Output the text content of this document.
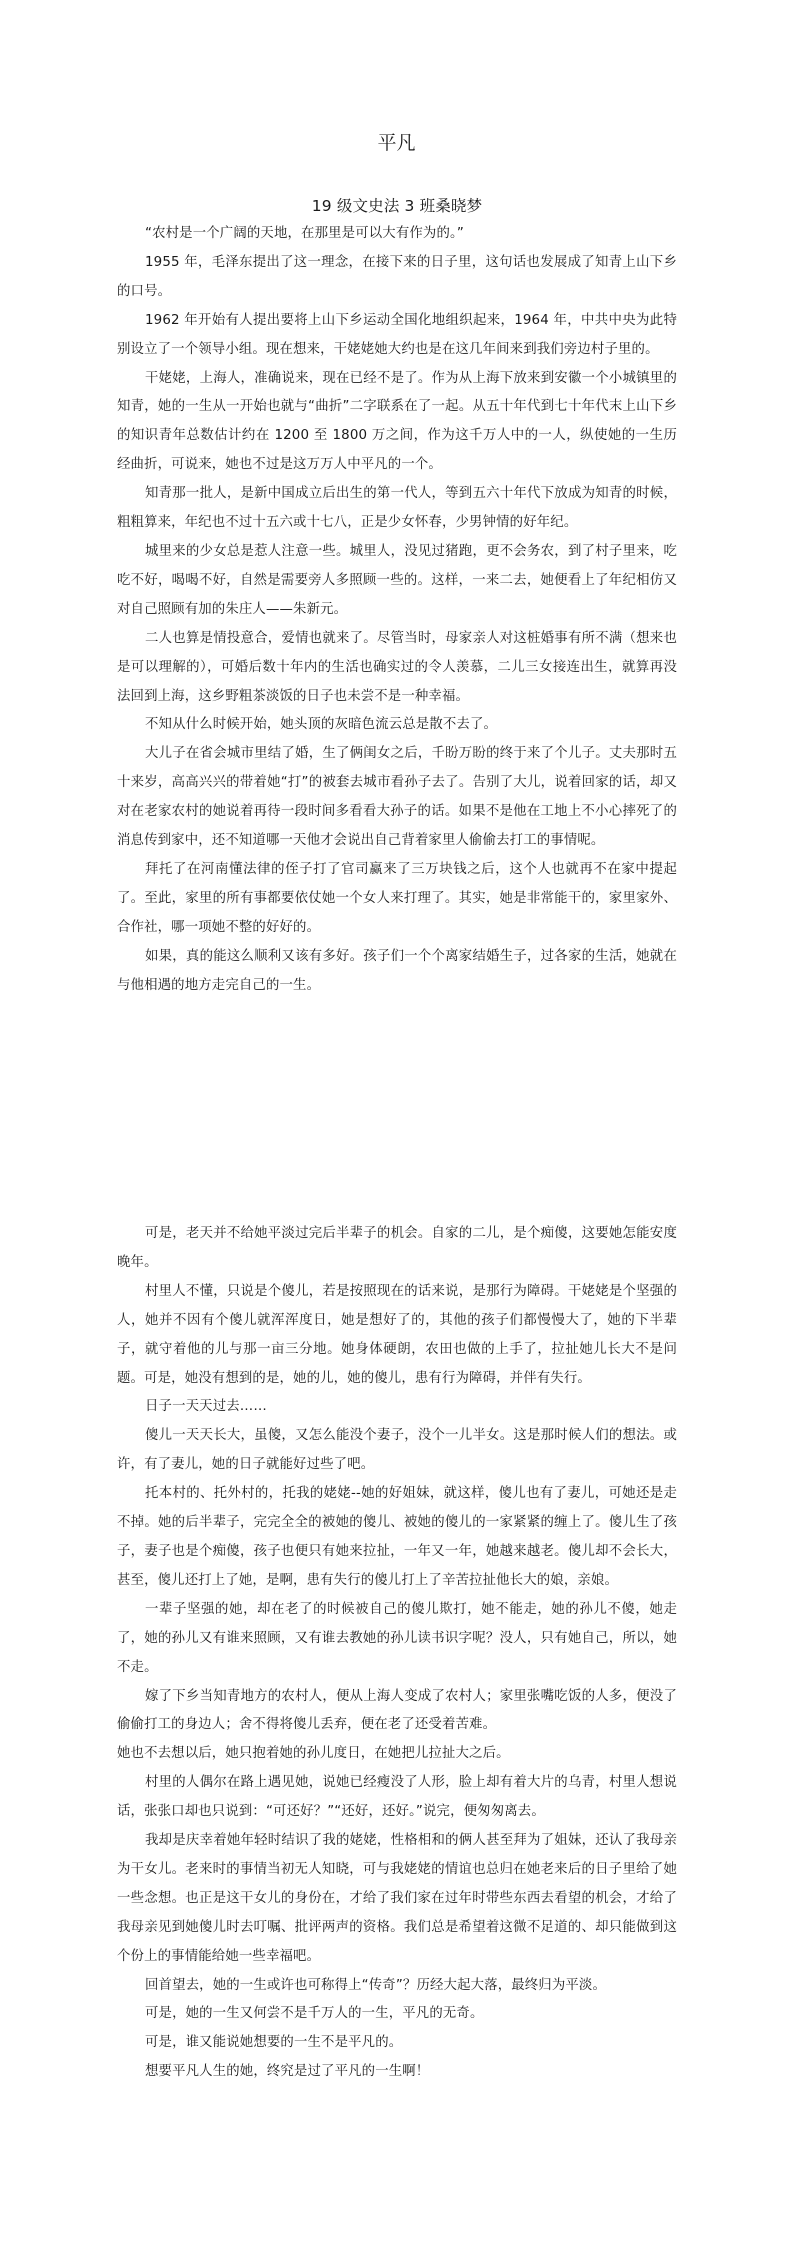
平凡

19 级文史法 3 班桑晓梦

“农村是一个广阔的天地，在那里是可以大有作为的。”

1955 年，毛泽东提出了这一理念，在接下来的日子里，这句话也发展成了知青上山下乡的口号。

1962 年开始有人提出要将上山下乡运动全国化地组织起来，1964 年，中共中央为此特别设立了一个领导小组。现在想来，干姥姥她大约也是在这几年间来到我们旁边村子里的。

干姥姥，上海人，准确说来，现在已经不是了。作为从上海下放来到安徽一个小城镇里的知青，她的一生从一开始也就与“曲折”二字联系在了一起。从五十年代到七十年代末上山下乡的知识青年总数估计约在 1200 至 1800 万之间，作为这千万人中的一人，纵使她的一生历经曲折，可说来，她也不过是这万万人中平凡的一个。

知青那一批人，是新中国成立后出生的第一代人，等到五六十年代下放成为知青的时候，粗粗算来，年纪也不过十五六或十七八，正是少女怀春，少男钟情的好年纪。

城里来的少女总是惹人注意一些。城里人，没见过猪跑，更不会务农，到了村子里来，吃吃不好，喝喝不好，自然是需要旁人多照顾一些的。这样，一来二去，她便看上了年纪相仿又对自己照顾有加的朱庄人——朱新元。

二人也算是情投意合，爱情也就来了。尽管当时，母家亲人对这桩婚事有所不满（想来也是可以理解的），可婚后数十年内的生活也确实过的令人羡慕，二儿三女接连出生，就算再没法回到上海，这乡野粗茶淡饭的日子也未尝不是一种幸福。

不知从什么时候开始，她头顶的灰暗色流云总是散不去了。

大儿子在省会城市里结了婚，生了俩闺女之后，千盼万盼的终于来了个儿子。丈夫那时五十来岁，高高兴兴的带着她“打”的被套去城市看孙子去了。告别了大儿，说着回家的话，却又对在老家农村的她说着再待一段时间多看看大孙子的话。如果不是他在工地上不小心摔死了的消息传到家中，还不知道哪一天他才会说出自己背着家里人偷偷去打工的事情呢。

拜托了在河南懂法律的侄子打了官司赢来了三万块钱之后，这个人也就再不在家中提起了。至此，家里的所有事都要依仗她一个女人来打理了。其实，她是非常能干的，家里家外、合作社，哪一项她不整的好好的。

如果，真的能这么顺利又该有多好。孩子们一个个离家结婚生子，过各家的生活，她就在与他相遇的地方走完自己的一生。

可是，老天并不给她平淡过完后半辈子的机会。自家的二儿，是个痴傻，这要她怎能安度晚年。

村里人不懂，只说是个傻儿，若是按照现在的话来说，是那行为障碍。干姥姥是个坚强的人，她并不因有个傻儿就浑浑度日，她是想好了的，其他的孩子们都慢慢大了，她的下半辈子，就守着他的儿与那一亩三分地。她身体硬朗，农田也做的上手了，拉扯她儿长大不是问题。可是，她没有想到的是，她的儿，她的傻儿，患有行为障碍，并伴有失行。

日子一天天过去……

傻儿一天天长大，虽傻，又怎么能没个妻子，没个一儿半女。这是那时候人们的想法。或许，有了妻儿，她的日子就能好过些了吧。

托本村的、托外村的，托我的姥姥--她的好姐妹，就这样，傻儿也有了妻儿，可她还是走不掉。她的后半辈子，完完全全的被她的傻儿、被她的傻儿的一家紧紧的缠上了。傻儿生了孩子，妻子也是个痴傻，孩子也便只有她来拉扯，一年又一年，她越来越老。傻儿却不会长大，甚至，傻儿还打上了她，是啊，患有失行的傻儿打上了辛苦拉扯他长大的娘，亲娘。

一辈子坚强的她，却在老了的时候被自己的傻儿欺打，她不能走，她的孙儿不傻，她走了，她的孙儿又有谁来照顾，又有谁去教她的孙儿读书识字呢？没人，只有她自己，所以，她不走。

嫁了下乡当知青地方的农村人，便从上海人变成了农村人；家里张嘴吃饭的人多，便没了偷偷打工的身边人；舍不得将傻儿丢弃，便在老了还受着苦难。

她也不去想以后，她只抱着她的孙儿度日，在她把儿拉扯大之后。

村里的人偶尔在路上遇见她，说她已经瘦没了人形，脸上却有着大片的乌青，村里人想说话，张张口却也只说到：“可还好？”“还好，还好。”说完，便匆匆离去。

我却是庆幸着她年轻时结识了我的姥姥，性格相和的俩人甚至拜为了姐妹，还认了我母亲为干女儿。老来时的事情当初无人知晓，可与我姥姥的情谊也总归在她老来后的日子里给了她一些念想。也正是这干女儿的身份在，才给了我们家在过年时带些东西去看望的机会，才给了我母亲见到她傻儿时去叮嘱、批评两声的资格。我们总是希望着这微不足道的、却只能做到这个份上的事情能给她一些幸福吧。

回首望去，她的一生或许也可称得上“传奇”？历经大起大落，最终归为平淡。

可是，她的一生又何尝不是千万人的一生，平凡的无奇。

可是，谁又能说她想要的一生不是平凡的。

想要平凡人生的她，终究是过了平凡的一生啊！
